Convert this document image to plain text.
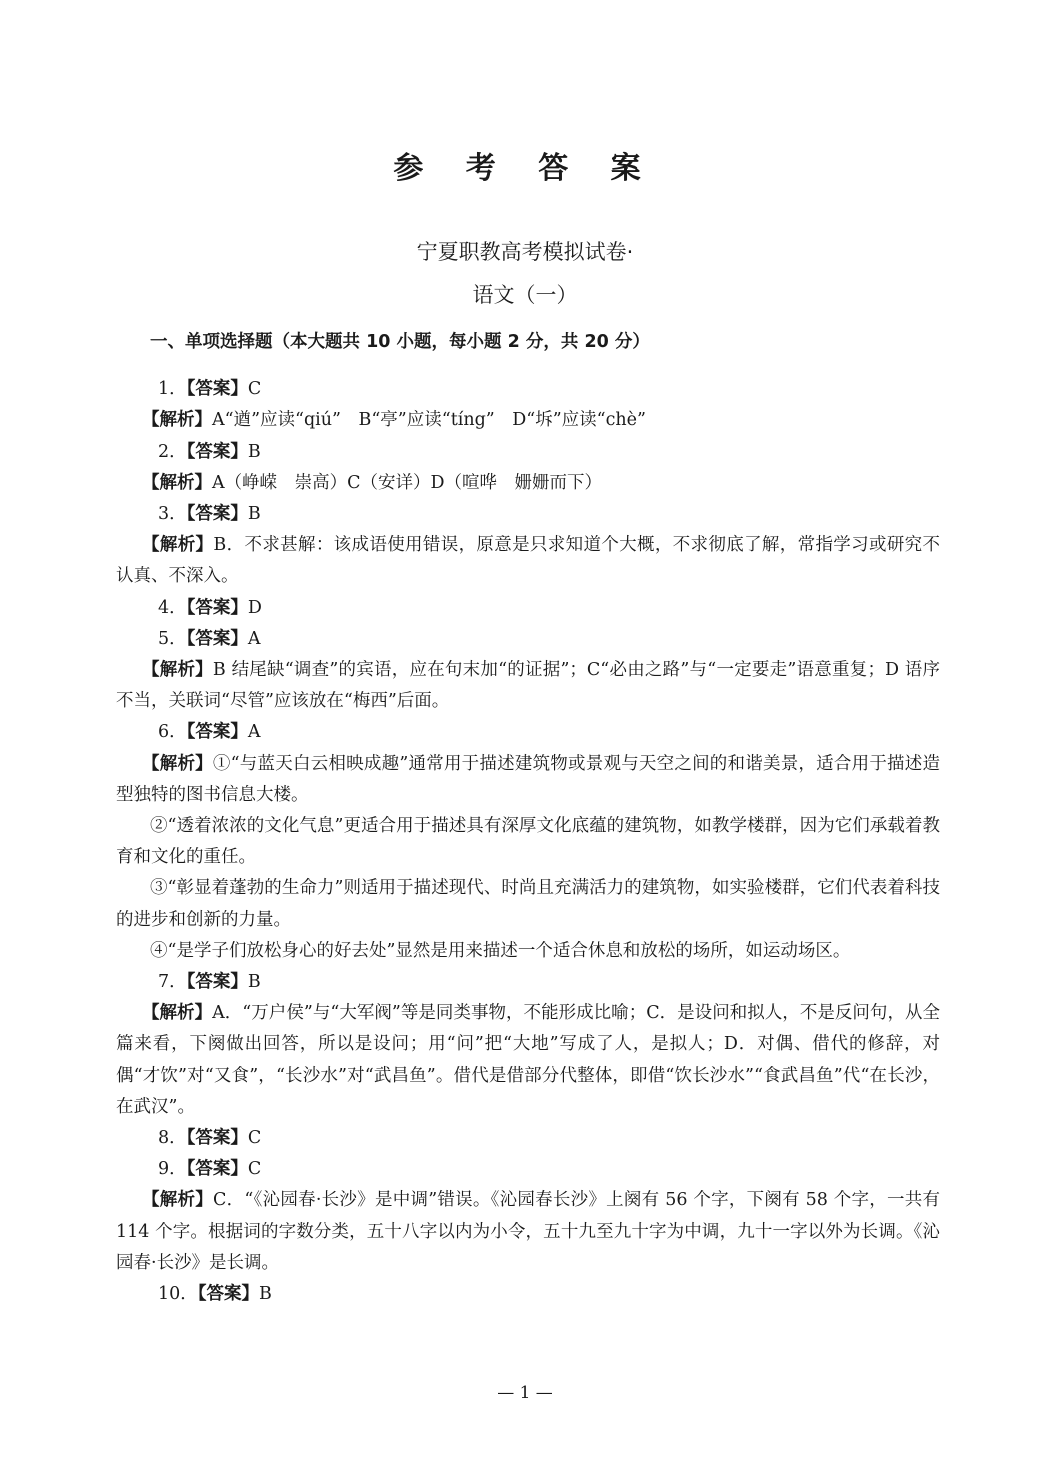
参 考 答 案
宁夏职教高考模拟试卷·
语文（一）

一、单项选择题（本大题共 10 小题，每小题 2 分，共 20 分）

1．【答案】C

【解析】A“遒”应读“qiú”　B“亭”应读“tíng”　D“坼”应读“chè”

2．【答案】B

【解析】A（峥嵘　崇高）C（安详）D（喧哗　姗姗而下）

3．【答案】B

【解析】B．不求甚解：该成语使用错误，原意是只求知道个大概，不求彻底了解，常指学习或研究不认真、不深入。

4．【答案】D

5．【答案】A

【解析】B 结尾缺“调查”的宾语，应在句末加“的证据”；C“必由之路”与“一定要走”语意重复；D 语序不当，关联词“尽管”应该放在“梅西”后面。

6．【答案】A

【解析】①“与蓝天白云相映成趣”通常用于描述建筑物或景观与天空之间的和谐美景，适合用于描述造型独特的图书信息大楼。

②“透着浓浓的文化气息”更适合用于描述具有深厚文化底蕴的建筑物，如教学楼群，因为它们承载着教育和文化的重任。

③“彰显着蓬勃的生命力”则适用于描述现代、时尚且充满活力的建筑物，如实验楼群，它们代表着科技的进步和创新的力量。

④“是学子们放松身心的好去处”显然是用来描述一个适合休息和放松的场所，如运动场区。

7．【答案】B

【解析】A．“万户侯”与“大军阀”等是同类事物，不能形成比喻；C．是设问和拟人，不是反问句，从全篇来看，下阕做出回答，所以是设问；用“问”把“大地”写成了人，是拟人；D．对偶、借代的修辞，对偶“才饮”对“又食”，“长沙水”对“武昌鱼”。借代是借部分代整体，即借“饮长沙水”“食武昌鱼”代“在长沙，在武汉”。

8．【答案】C

9．【答案】C

【解析】C．“《沁园春·长沙》是中调”错误。《沁园春长沙》上阕有 56 个字，下阕有 58 个字，一共有 114 个字。根据词的字数分类，五十八字以内为小令，五十九至九十字为中调，九十一字以外为长调。《沁园春·长沙》是长调。

10．【答案】B

— 1 —
